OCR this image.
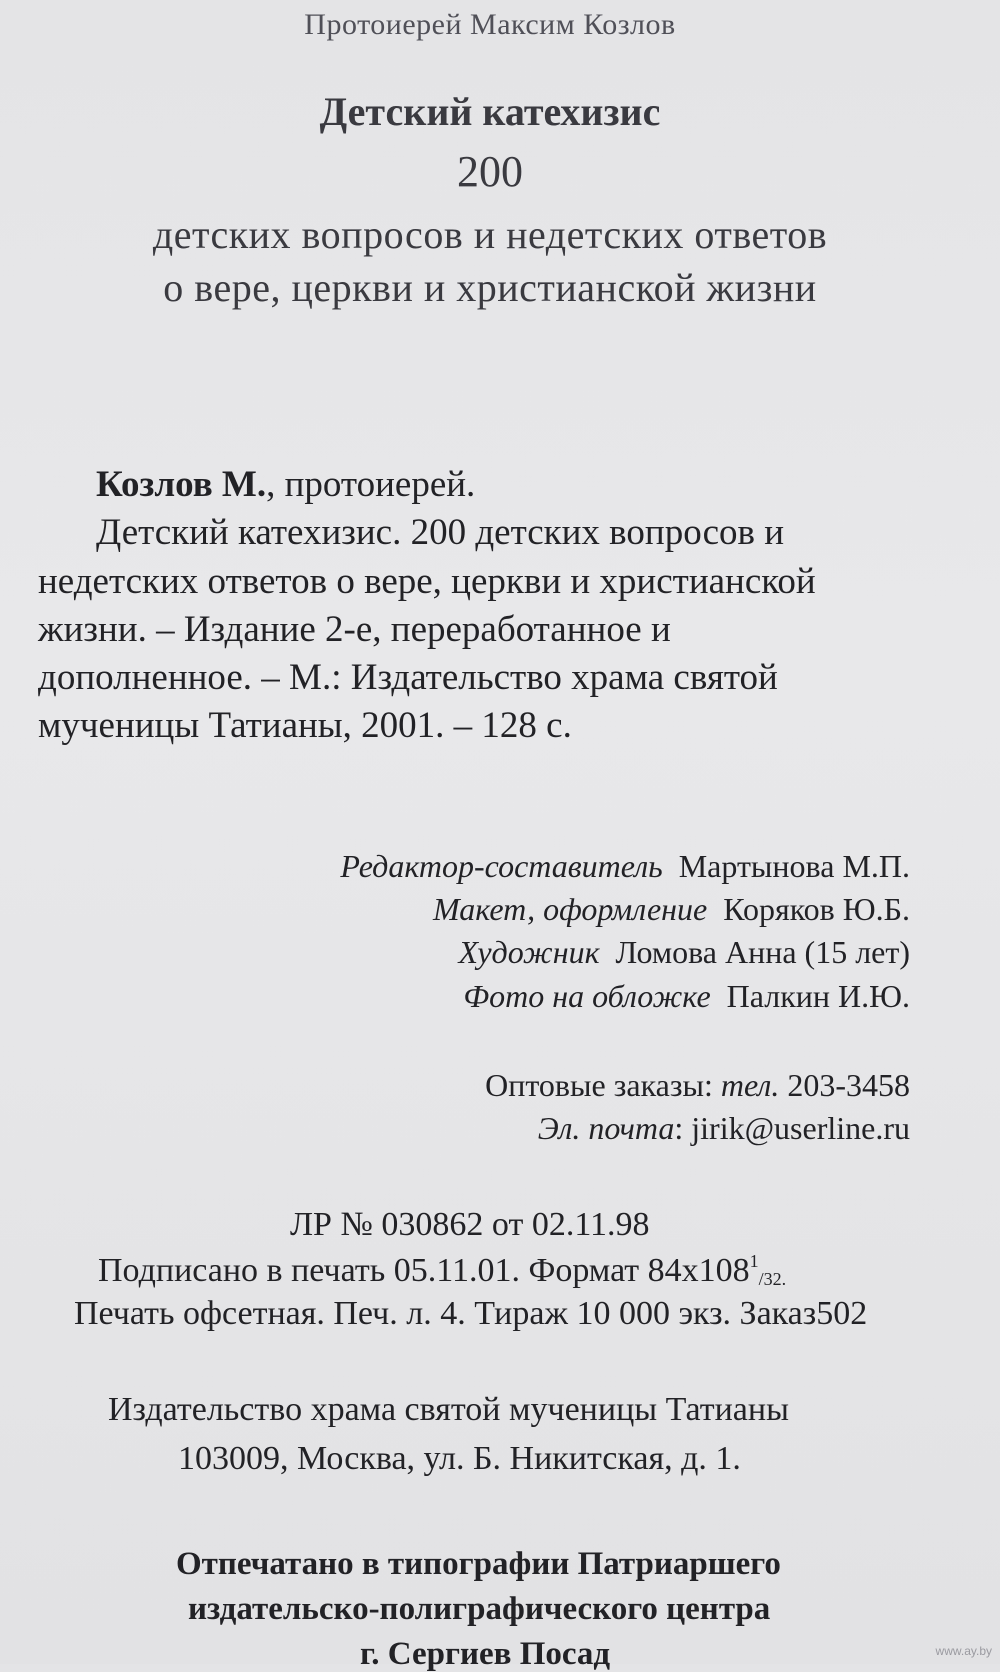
Протоиерей Максим Козлов
Детский катехизис
200
детских вопросов и недетских ответов
о вере, церкви и христианской жизни
Козлов М., протоиерей.
Детский катехизис. 200 детских вопросов и
недетских ответов о вере, церкви и христианской
жизни. – Издание 2-е, переработанное и
дополненное. – М.: Издательство храма святой
мученицы Татианы, 2001. – 128 с.
Редактор-составитель Мартынова М.П.
Макет, оформление Коряков Ю.Б.
Художник Ломова Анна (15 лет)
Фото на обложке Палкин И.Ю.
Оптовые заказы: тел. 203-3458
Эл. почта: jirik@userline.ru
ЛР № 030862 от 02.11.98
Подписано в печать 05.11.01. Формат $84х108^1_{/32.}$
Печать офсетная. Печ. л. 4. Тираж 10 000 экз. Заказ502
Издательство храма святой мученицы Татианы
103009, Москва, ул. Б. Никитская, д. 1.
Отпечатано в типографии Патриаршего
издательско-полиграфического центра
г. Сергиев Посад	www.ay.by
